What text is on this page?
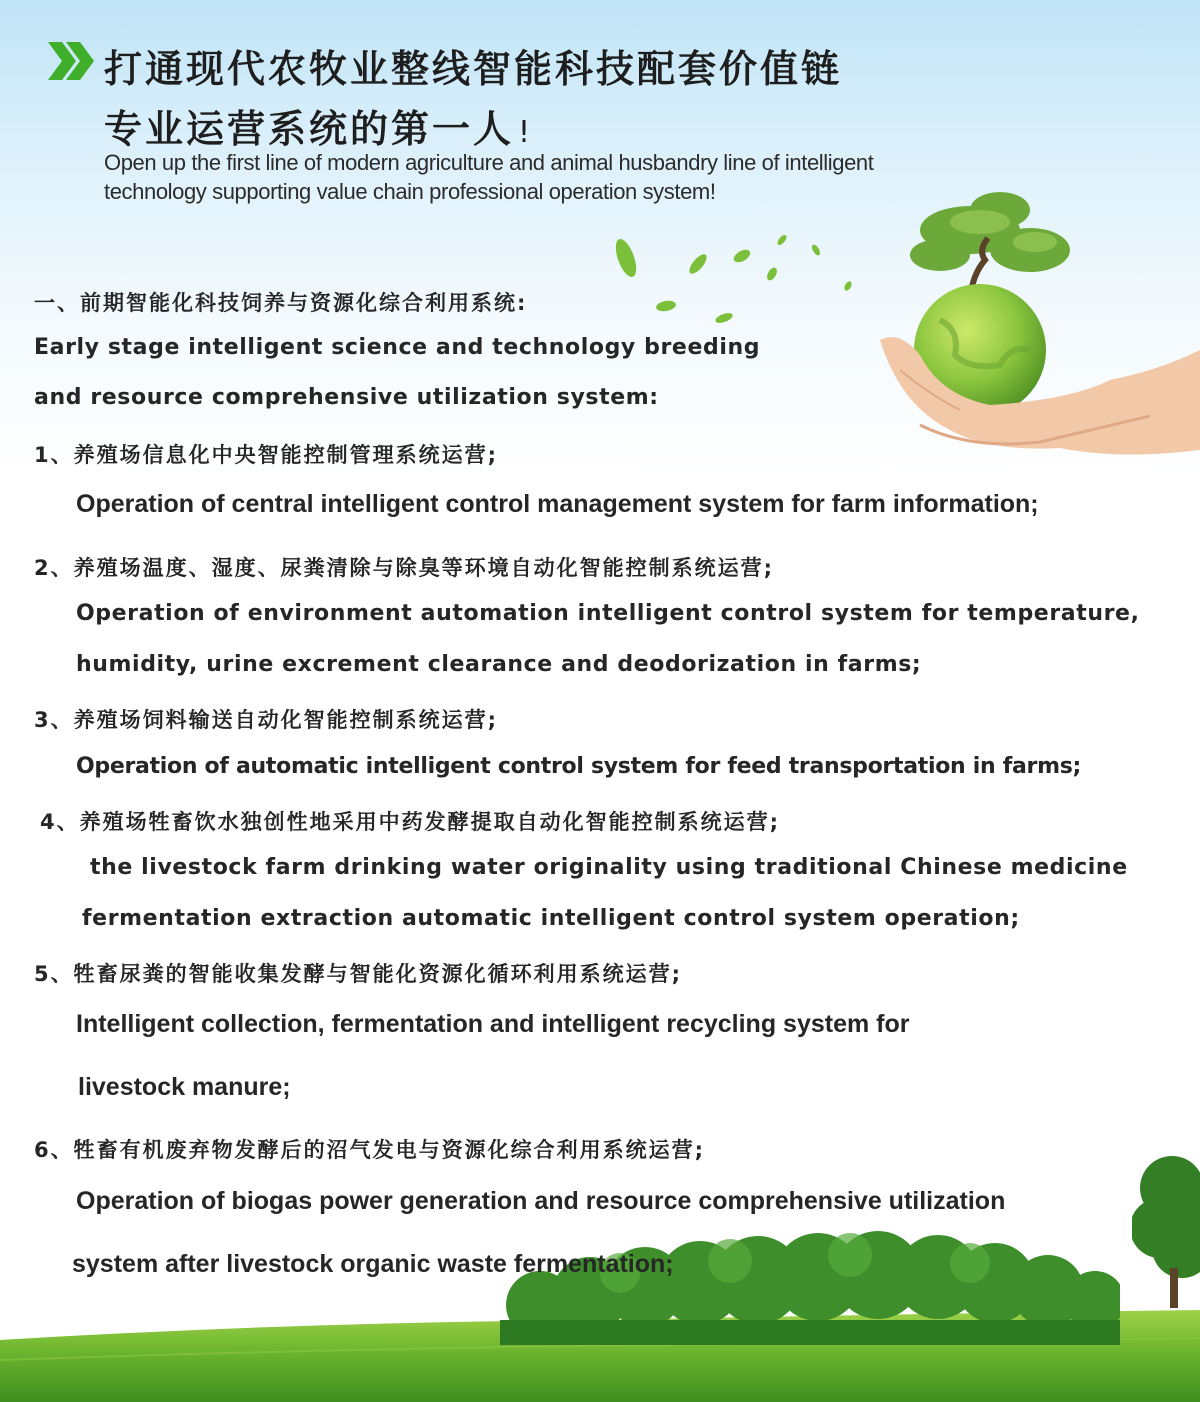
打通现代农牧业整线智能科技配套价值链
专业运营系统的第一人 !
Open up the first line of modern agriculture and animal husbandry line of intelligent
technology supporting value chain professional operation system!

一、前期智能化科技饲养与资源化综合利用系统:

Early stage intelligent science and technology breeding

and resource comprehensive utilization system:

1、养殖场信息化中央智能控制管理系统运营;

Operation of central intelligent control management system for farm information;

2、养殖场温度、湿度、尿粪清除与除臭等环境自动化智能控制系统运营;

Operation of environment automation intelligent control system for temperature,

humidity, urine excrement clearance and deodorization in farms;

3、养殖场饲料输送自动化智能控制系统运营;

Operation of automatic intelligent control system for feed transportation in farms;

4、养殖场牲畜饮水独创性地采用中药发酵提取自动化智能控制系统运营;

the livestock farm drinking water originality using traditional Chinese medicine

fermentation extraction automatic intelligent control system operation;

5、牲畜尿粪的智能收集发酵与智能化资源化循环利用系统运营;

Intelligent collection, fermentation and intelligent recycling system for

livestock manure;

6、牲畜有机废弃物发酵后的沼气发电与资源化综合利用系统运营;

Operation of biogas power generation and resource comprehensive utilization

system after livestock organic waste fermentation;
